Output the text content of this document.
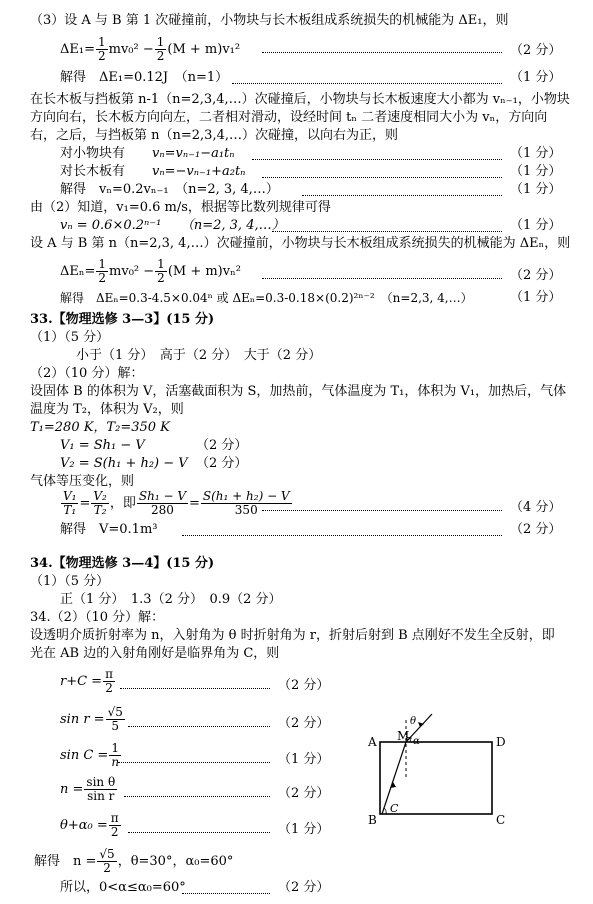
（3）设 A 与 B 第 1 次碰撞前，小物块与长木板组成系统损失的机械能为 ΔE₁，则
$\Delta E_1= \frac{1}{2} mv_0^2 - \frac{1}{2} (M + m)v_1^2$	（2 分）
解得　ΔE₁=0.12J　（n=1）	（1 分）
在长木板与挡板第 n-1（n=2,3,4,…）次碰撞后，小物块与长木板速度大小都为 vₙ₋₁，小物块
方向向右，长木板方向向左，二者相对滑动，设经时间 tₙ 二者速度相同大小为 vₙ，方向向
右，之后，与挡板第 n（n=2,3,4,…）次碰撞，以向右为正，则
对小物块有 vₙ=vₙ₋₁−a₁tₙ	（1 分）
对长木板有 vₙ=−vₙ₋₁+a₂tₙ	（1 分）
解得　vₙ=0.2vₙ₋₁　（n=2, 3, 4,…）	（1 分）
由（2）知道，v₁=0.6 m/s，根据等比数列规律可得
vₙ = 0.6×0.2ⁿ⁻¹　　（n=2, 3, 4,…）	（1 分）
设 A 与 B 第 n（n=2,3, 4,…）次碰撞前，小物块与长木板组成系统损失的机械能为 ΔEₙ，则
$\Delta E_n= \frac{1}{2} mv_0^2 - \frac{1}{2} (M + m)v_n^2$	（2 分）
解得　ΔEₙ=0.3-4.5×0.04ⁿ 或 ΔEₙ=0.3-0.18×(0.2)²ⁿ⁻²　（n=2,3, 4,…）	（1 分）
33.【物理选修 3—3】(15 分)
（1）（5 分）
小于（1 分）　高于（2 分）　大于（2 分）
（2）（10 分）解：
设固体 B 的体积为 V，活塞截面积为 S，加热前，气体温度为 T₁，体积为 V₁，加热后，气体
温度为 T₂，体积为 V₂，则
T₁=280 K，T₂=350 K
V₁ = Sh₁ − V	（2 分）
V₂ = S(h₁ + h₂) − V （2 分）
气体等压变化，则
$\frac{\text{V₁}}{\text{T₁}} = \frac{\text{V₂}}{\text{T₂}}$ ，即 $\frac{\text{Sh₁ − V}}{280} = \frac{\text{S(h₁ + h₂) − V}}{350}$	（4 分）
解得　V=0.1m³	（2 分）
34.【物理选修 3—4】(15 分)
（1）（5 分）
正（1 分）　1.3（2 分）　0.9（2 分）
34.（2）（10 分）解：
设透明介质折射率为 n，入射角为 θ 时折射角为 r，折射后射到 B 点刚好不发生全反射，即
光在 AB 边的入射角刚好是临界角为 C，则
$r+C = \frac{\pi}{2}$	（2 分）
$\sin r = \frac{√5}{5}$	（2 分）
$\sin C = \frac{1}{n}$	（1 分）
$n = \frac{\text{sin θ}}{\text{sin r}}$	（2 分）
$\theta+\alpha_0 = \frac{\pi}{2}$	（1 分）
解得　$n = \frac{√5}{2}$ ，θ=30°，α₀=60°
所以，0<α≤α₀=60°	（2 分）
A M	D
B	C
θ
α
C
